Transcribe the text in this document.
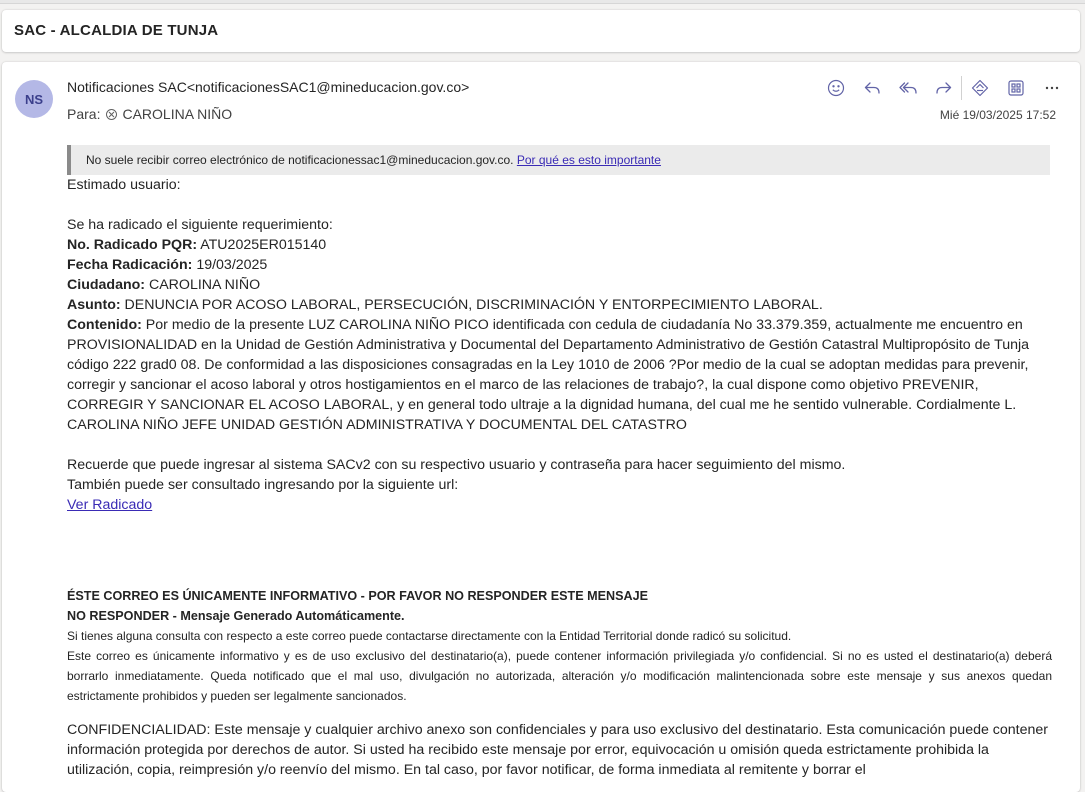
SAC - ALCALDIA DE TUNJA
NS
Notificaciones SAC<notificacionesSAC1@mineducacion.gov.co>
Para: CAROLINA NIÑO	Mié 19/03/2025 17:52
No suele recibir correo electrónico de notificacionessac1@mineducacion.gov.co. Por qué es esto importante

Estimado usuario:

Se ha radicado el siguiente requerimiento:

No. Radicado PQR: ATU2025ER015140

Fecha Radicación: 19/03/2025

Ciudadano: CAROLINA NIÑO

Asunto: DENUNCIA POR ACOSO LABORAL, PERSECUCIÓN, DISCRIMINACIÓN Y ENTORPECIMIENTO LABORAL.

Contenido: Por medio de la presente LUZ CAROLINA NIÑO PICO identificada con cedula de ciudadanía No 33.379.359, actualmente me encuentro en PROVISIONALIDAD en la Unidad de Gestión Administrativa y Documental del Departamento Administrativo de Gestión Catastral Multipropósito de Tunja código 222 grad0 08. De conformidad a las disposiciones consagradas en la Ley 1010 de 2006 ?Por medio de la cual se adoptan medidas para prevenir, corregir y sancionar el acoso laboral y otros hostigamientos en el marco de las relaciones de trabajo?, la cual dispone como objetivo PREVENIR, CORREGIR Y SANCIONAR EL ACOSO LABORAL, y en general todo ultraje a la dignidad humana, del cual me he sentido vulnerable. Cordialmente L. CAROLINA NIÑO JEFE UNIDAD GESTIÓN ADMINISTRATIVA Y DOCUMENTAL DEL CATASTRO

Recuerde que puede ingresar al sistema SACv2 con su respectivo usuario y contraseña para hacer seguimiento del mismo.

También puede ser consultado ingresando por la siguiente url:

Ver Radicado

ÉSTE CORREO ES ÚNICAMENTE INFORMATIVO - POR FAVOR NO RESPONDER ESTE MENSAJE
NO RESPONDER - Mensaje Generado Automáticamente.
Si tienes alguna consulta con respecto a este correo puede contactarse directamente con la Entidad Territorial donde radicó su solicitud.
Este correo es únicamente informativo y es de uso exclusivo del destinatario(a), puede contener información privilegiada y/o confidencial. Si no es usted el destinatario(a) deberá borrarlo inmediatamente. Queda notificado que el mal uso, divulgación no autorizada, alteración y/o modificación malintencionada sobre este mensaje y sus anexos quedan estrictamente prohibidos y pueden ser legalmente sancionados.
CONFIDENCIALIDAD: Este mensaje y cualquier archivo anexo son confidenciales y para uso exclusivo del destinatario. Esta comunicación puede contener información protegida por derechos de autor. Si usted ha recibido este mensaje por error, equivocación u omisión queda estrictamente prohibida la utilización, copia, reimpresión y/o reenvío del mismo. En tal caso, por favor notificar, de forma inmediata al remitente y borrar el
